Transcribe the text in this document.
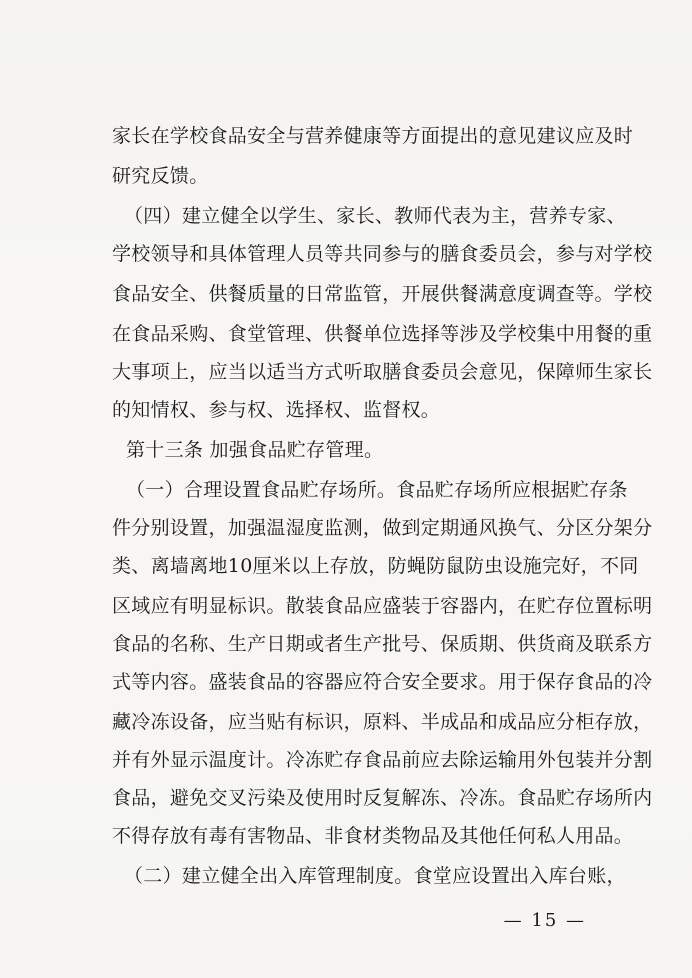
家长在学校食品安全与营养健康等方面提出的意见建议应及时
研究反馈。
（四）建立健全以学生、家长、教师代表为主，营养专家、
学校领导和具体管理人员等共同参与的膳食委员会，参与对学校
食品安全、供餐质量的日常监管，开展供餐满意度调查等。学校
在食品采购、食堂管理、供餐单位选择等涉及学校集中用餐的重
大事项上，应当以适当方式听取膳食委员会意见，保障师生家长
的知情权、参与权、选择权、监督权。
第十三条 加强食品贮存管理。
（一）合理设置食品贮存场所。食品贮存场所应根据贮存条
件分别设置，加强温湿度监测，做到定期通风换气、分区分架分
类、离墙离地10厘米以上存放，防蝇防鼠防虫设施完好，不同
区域应有明显标识。散装食品应盛装于容器内，在贮存位置标明
食品的名称、生产日期或者生产批号、保质期、供货商及联系方
式等内容。盛装食品的容器应符合安全要求。用于保存食品的冷
藏冷冻设备，应当贴有标识，原料、半成品和成品应分柜存放，
并有外显示温度计。冷冻贮存食品前应去除运输用外包装并分割
食品，避免交叉污染及使用时反复解冻、冷冻。食品贮存场所内
不得存放有毒有害物品、非食材类物品及其他任何私人用品。
（二）建立健全出入库管理制度。食堂应设置出入库台账，
— 15 —
